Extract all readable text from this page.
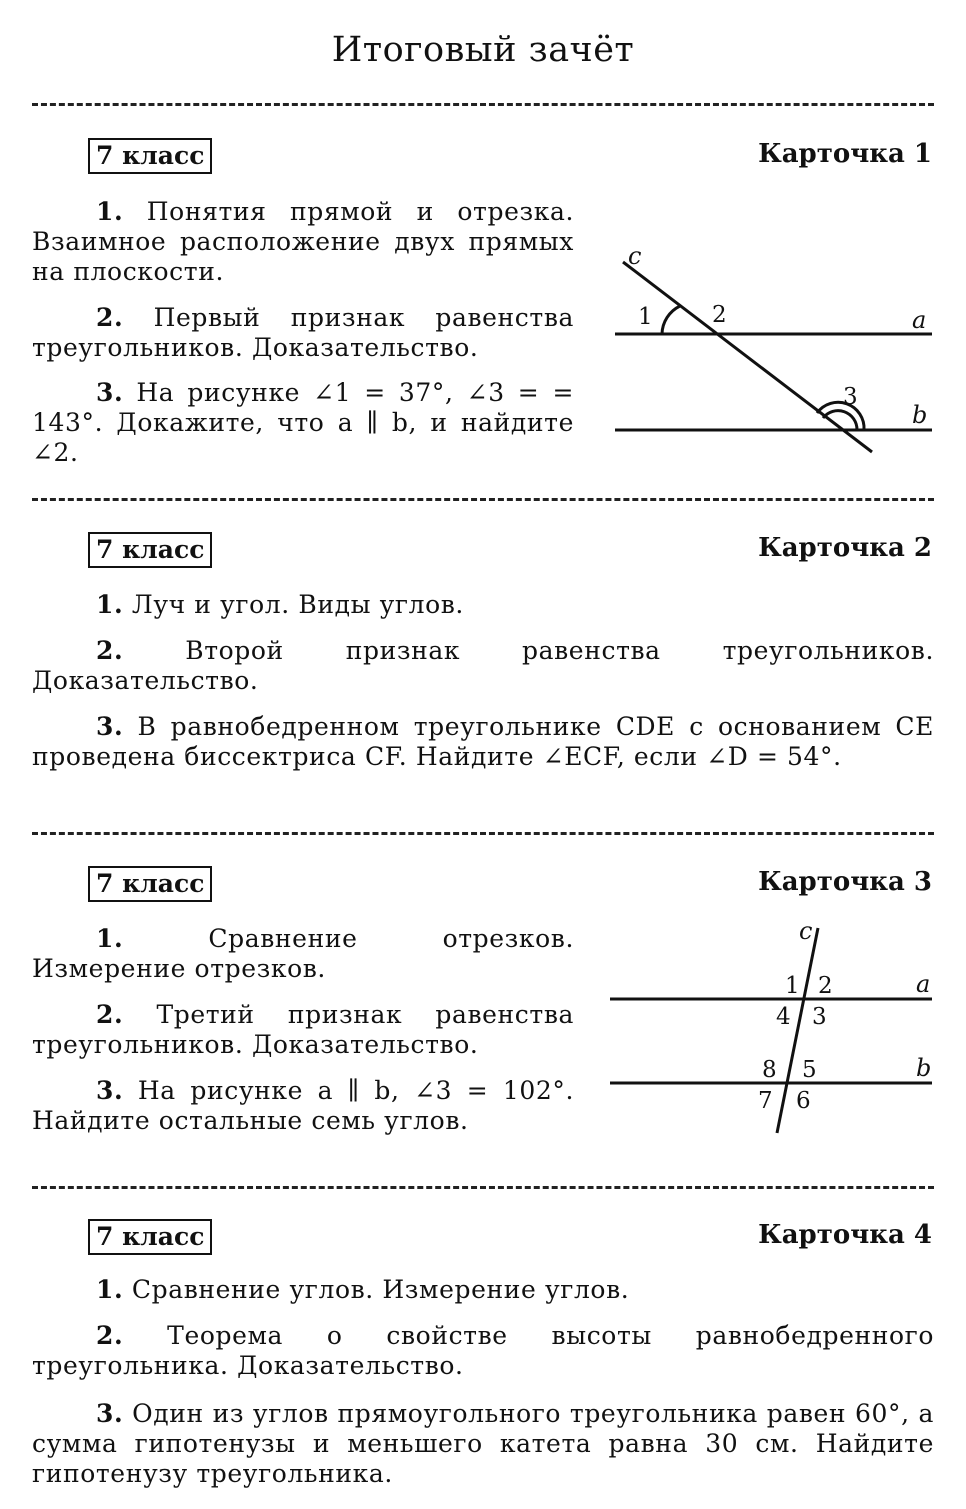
Итоговый зачёт
7 класс	Карточка 1
1. Понятия прямой и отрезка. Взаимное расположение двух прямых на плоскости.
2. Первый признак равенства треугольников. Доказательство.
3. На рисунке ∠1 = 37°, ∠3 = = 143°. Докажите, что a ∥ b, и найдите ∠2.
c
a
b
1	2
3
7 класс	Карточка 2
1. Луч и угол. Виды углов.
2. Второй признак равенства треугольников. Доказательство.
3. В равнобедренном треугольнике CDE с основанием CE проведена биссектриса CF. Найдите ∠ECF, если ∠D = 54°.
7 класс	Карточка 3
1.	Сравнение отрезков. Измерение отрезков.
2. Третий признак равенства треугольников. Доказательство.
3. На рисунке a ∥ b, ∠3 = 102°. Найдите остальные семь углов.
c
a
b
1 2
3
4
5
6
7
8
7 класс	Карточка 4
1. Сравнение углов. Измерение углов.
2. Теорема о свойстве высоты равнобедренного треугольника. Доказательство.
3. Один из углов прямоугольного треугольника равен 60°, а сумма гипотенузы и меньшего катета равна 30 см. Найдите гипотенузу треугольника.
